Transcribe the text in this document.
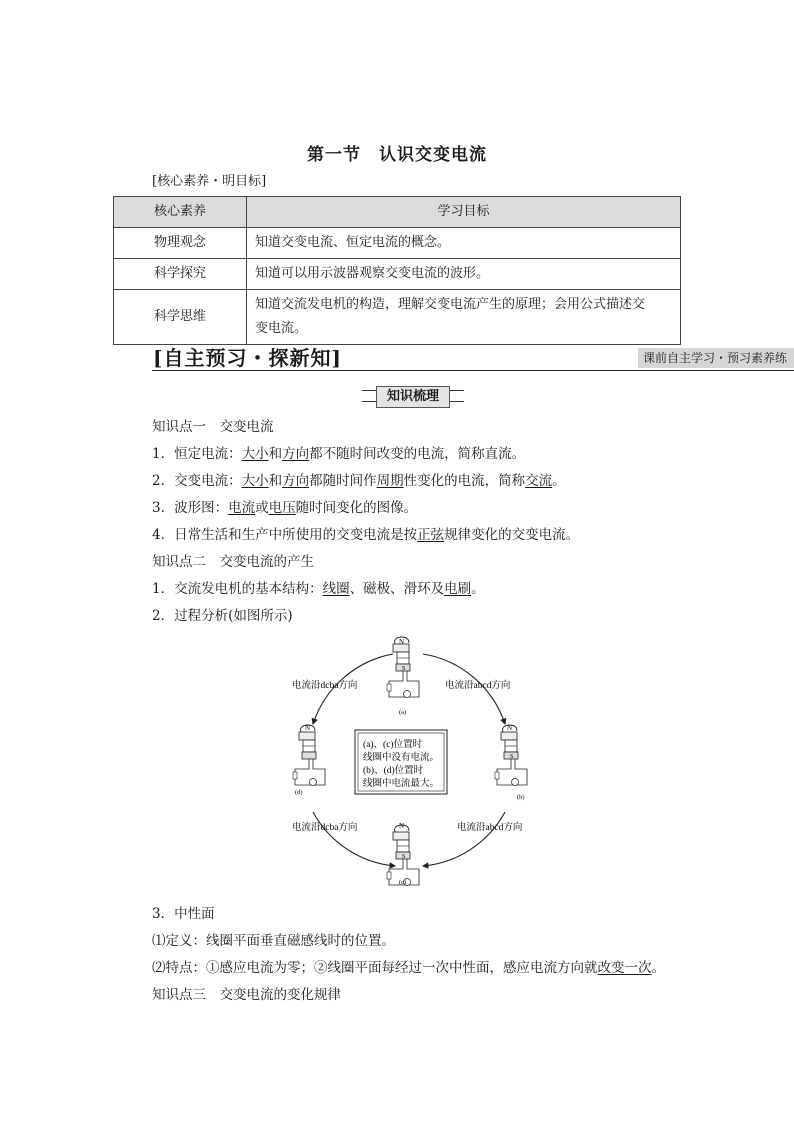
第一节　认识交变电流
[核心素养・明目标]
核心素养	学习目标
物理观念	知道交变电流、恒定电流的概念。
科学探究	知道可以用示波器观察交变电流的波形。
科学思维	知道交流发电机的构造，理解交变电流产生的原理；会用公式描述交
变电流。
[自主预习・探新知]	课前自主学习・预习素养练
知识梳理
知识点一　交变电流
1．恒定电流：大小和方向都不随时间改变的电流，简称直流。
2．交变电流：大小和方向都随时间作周期性变化的电流，简称交流。
3．波形图：电流或电压随时间变化的图像。
4．日常生活和生产中所使用的交变电流是按正弦规律变化的交变电流。
知识点二　交变电流的产生
1．交流发电机的基本结构：线圈、磁极、滑环及电刷。
2．过程分析(如图所示)
N
N
N
N
S
S
S
(a)
(b)
(c)
(d)
电流沿dcba方向	电流沿abcd方向
电流沿dcba方向	电流沿abcd方向
(a)、(c)位置时
线圈中没有电流。
(b)、(d)位置时
线圈中电流最大。
3．中性面
⑴定义：线圈平面垂直磁感线时的位置。
⑵特点：①感应电流为零；②线圈平面每经过一次中性面，感应电流方向就改变一次。
知识点三　交变电流的变化规律
